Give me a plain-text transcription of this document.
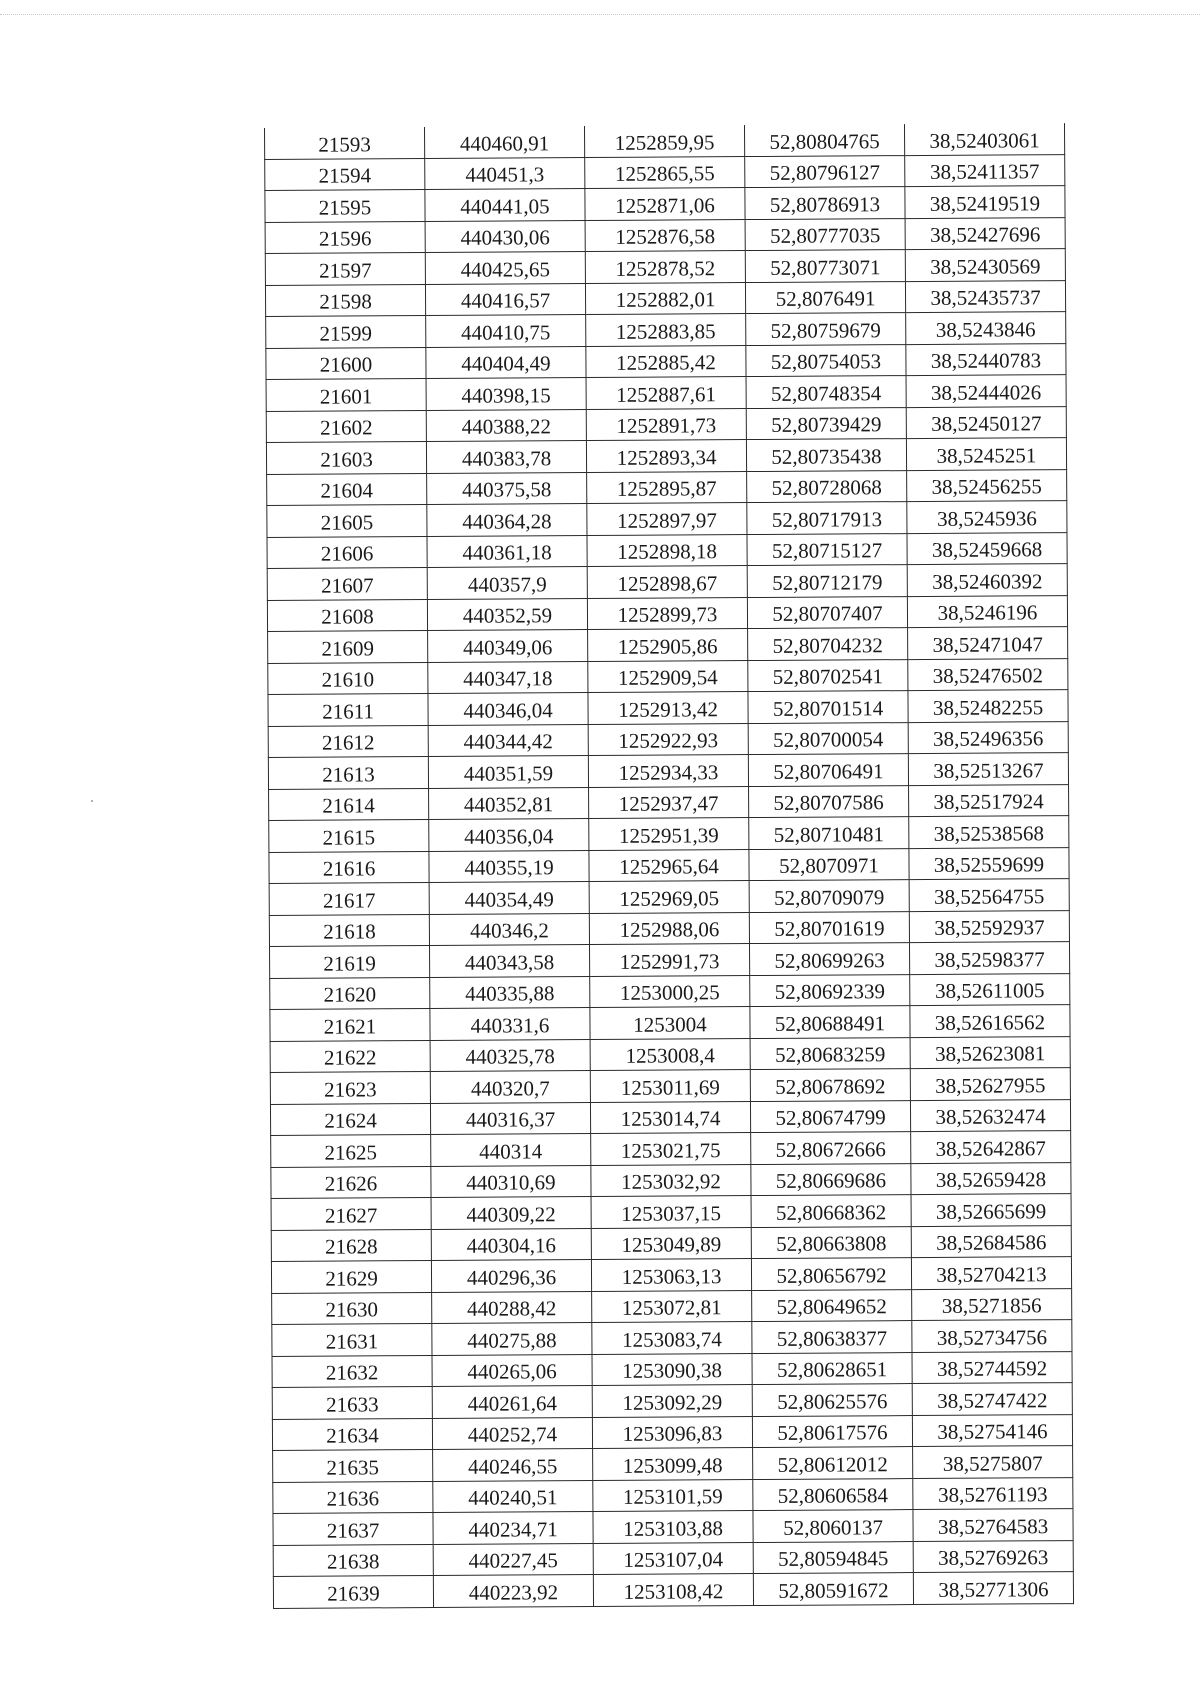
21593	440460,91	1252859,95	52,80804765	38,52403061
21594	440451,3	1252865,55	52,80796127	38,52411357
21595	440441,05	1252871,06	52,80786913	38,52419519
21596	440430,06	1252876,58	52,80777035	38,52427696
21597	440425,65	1252878,52	52,80773071	38,52430569
21598	440416,57	1252882,01	52,8076491	38,52435737
21599	440410,75	1252883,85	52,80759679	38,5243846
21600	440404,49	1252885,42	52,80754053	38,52440783
21601	440398,15	1252887,61	52,80748354	38,52444026
21602	440388,22	1252891,73	52,80739429	38,52450127
21603	440383,78	1252893,34	52,80735438	38,5245251
21604	440375,58	1252895,87	52,80728068	38,52456255
21605	440364,28	1252897,97	52,80717913	38,5245936
21606	440361,18	1252898,18	52,80715127	38,52459668
21607	440357,9	1252898,67	52,80712179	38,52460392
21608	440352,59	1252899,73	52,80707407	38,5246196
21609	440349,06	1252905,86	52,80704232	38,52471047
21610	440347,18	1252909,54	52,80702541	38,52476502
21611	440346,04	1252913,42	52,80701514	38,52482255
21612	440344,42	1252922,93	52,80700054	38,52496356
21613	440351,59	1252934,33	52,80706491	38,52513267
21614	440352,81	1252937,47	52,80707586	38,52517924
21615	440356,04	1252951,39	52,80710481	38,52538568
21616	440355,19	1252965,64	52,8070971	38,52559699
21617	440354,49	1252969,05	52,80709079	38,52564755
21618	440346,2	1252988,06	52,80701619	38,52592937
21619	440343,58	1252991,73	52,80699263	38,52598377
21620	440335,88	1253000,25	52,80692339	38,52611005
21621	440331,6	1253004	52,80688491	38,52616562
21622	440325,78	1253008,4	52,80683259	38,52623081
21623	440320,7	1253011,69	52,80678692	38,52627955
21624	440316,37	1253014,74	52,80674799	38,52632474
21625	440314	1253021,75	52,80672666	38,52642867
21626	440310,69	1253032,92	52,80669686	38,52659428
21627	440309,22	1253037,15	52,80668362	38,52665699
21628	440304,16	1253049,89	52,80663808	38,52684586
21629	440296,36	1253063,13	52,80656792	38,52704213
21630	440288,42	1253072,81	52,80649652	38,5271856
21631	440275,88	1253083,74	52,80638377	38,52734756
21632	440265,06	1253090,38	52,80628651	38,52744592
21633	440261,64	1253092,29	52,80625576	38,52747422
21634	440252,74	1253096,83	52,80617576	38,52754146
21635	440246,55	1253099,48	52,80612012	38,5275807
21636	440240,51	1253101,59	52,80606584	38,52761193
21637	440234,71	1253103,88	52,8060137	38,52764583
21638	440227,45	1253107,04	52,80594845	38,52769263
21639	440223,92	1253108,42	52,80591672	38,52771306
